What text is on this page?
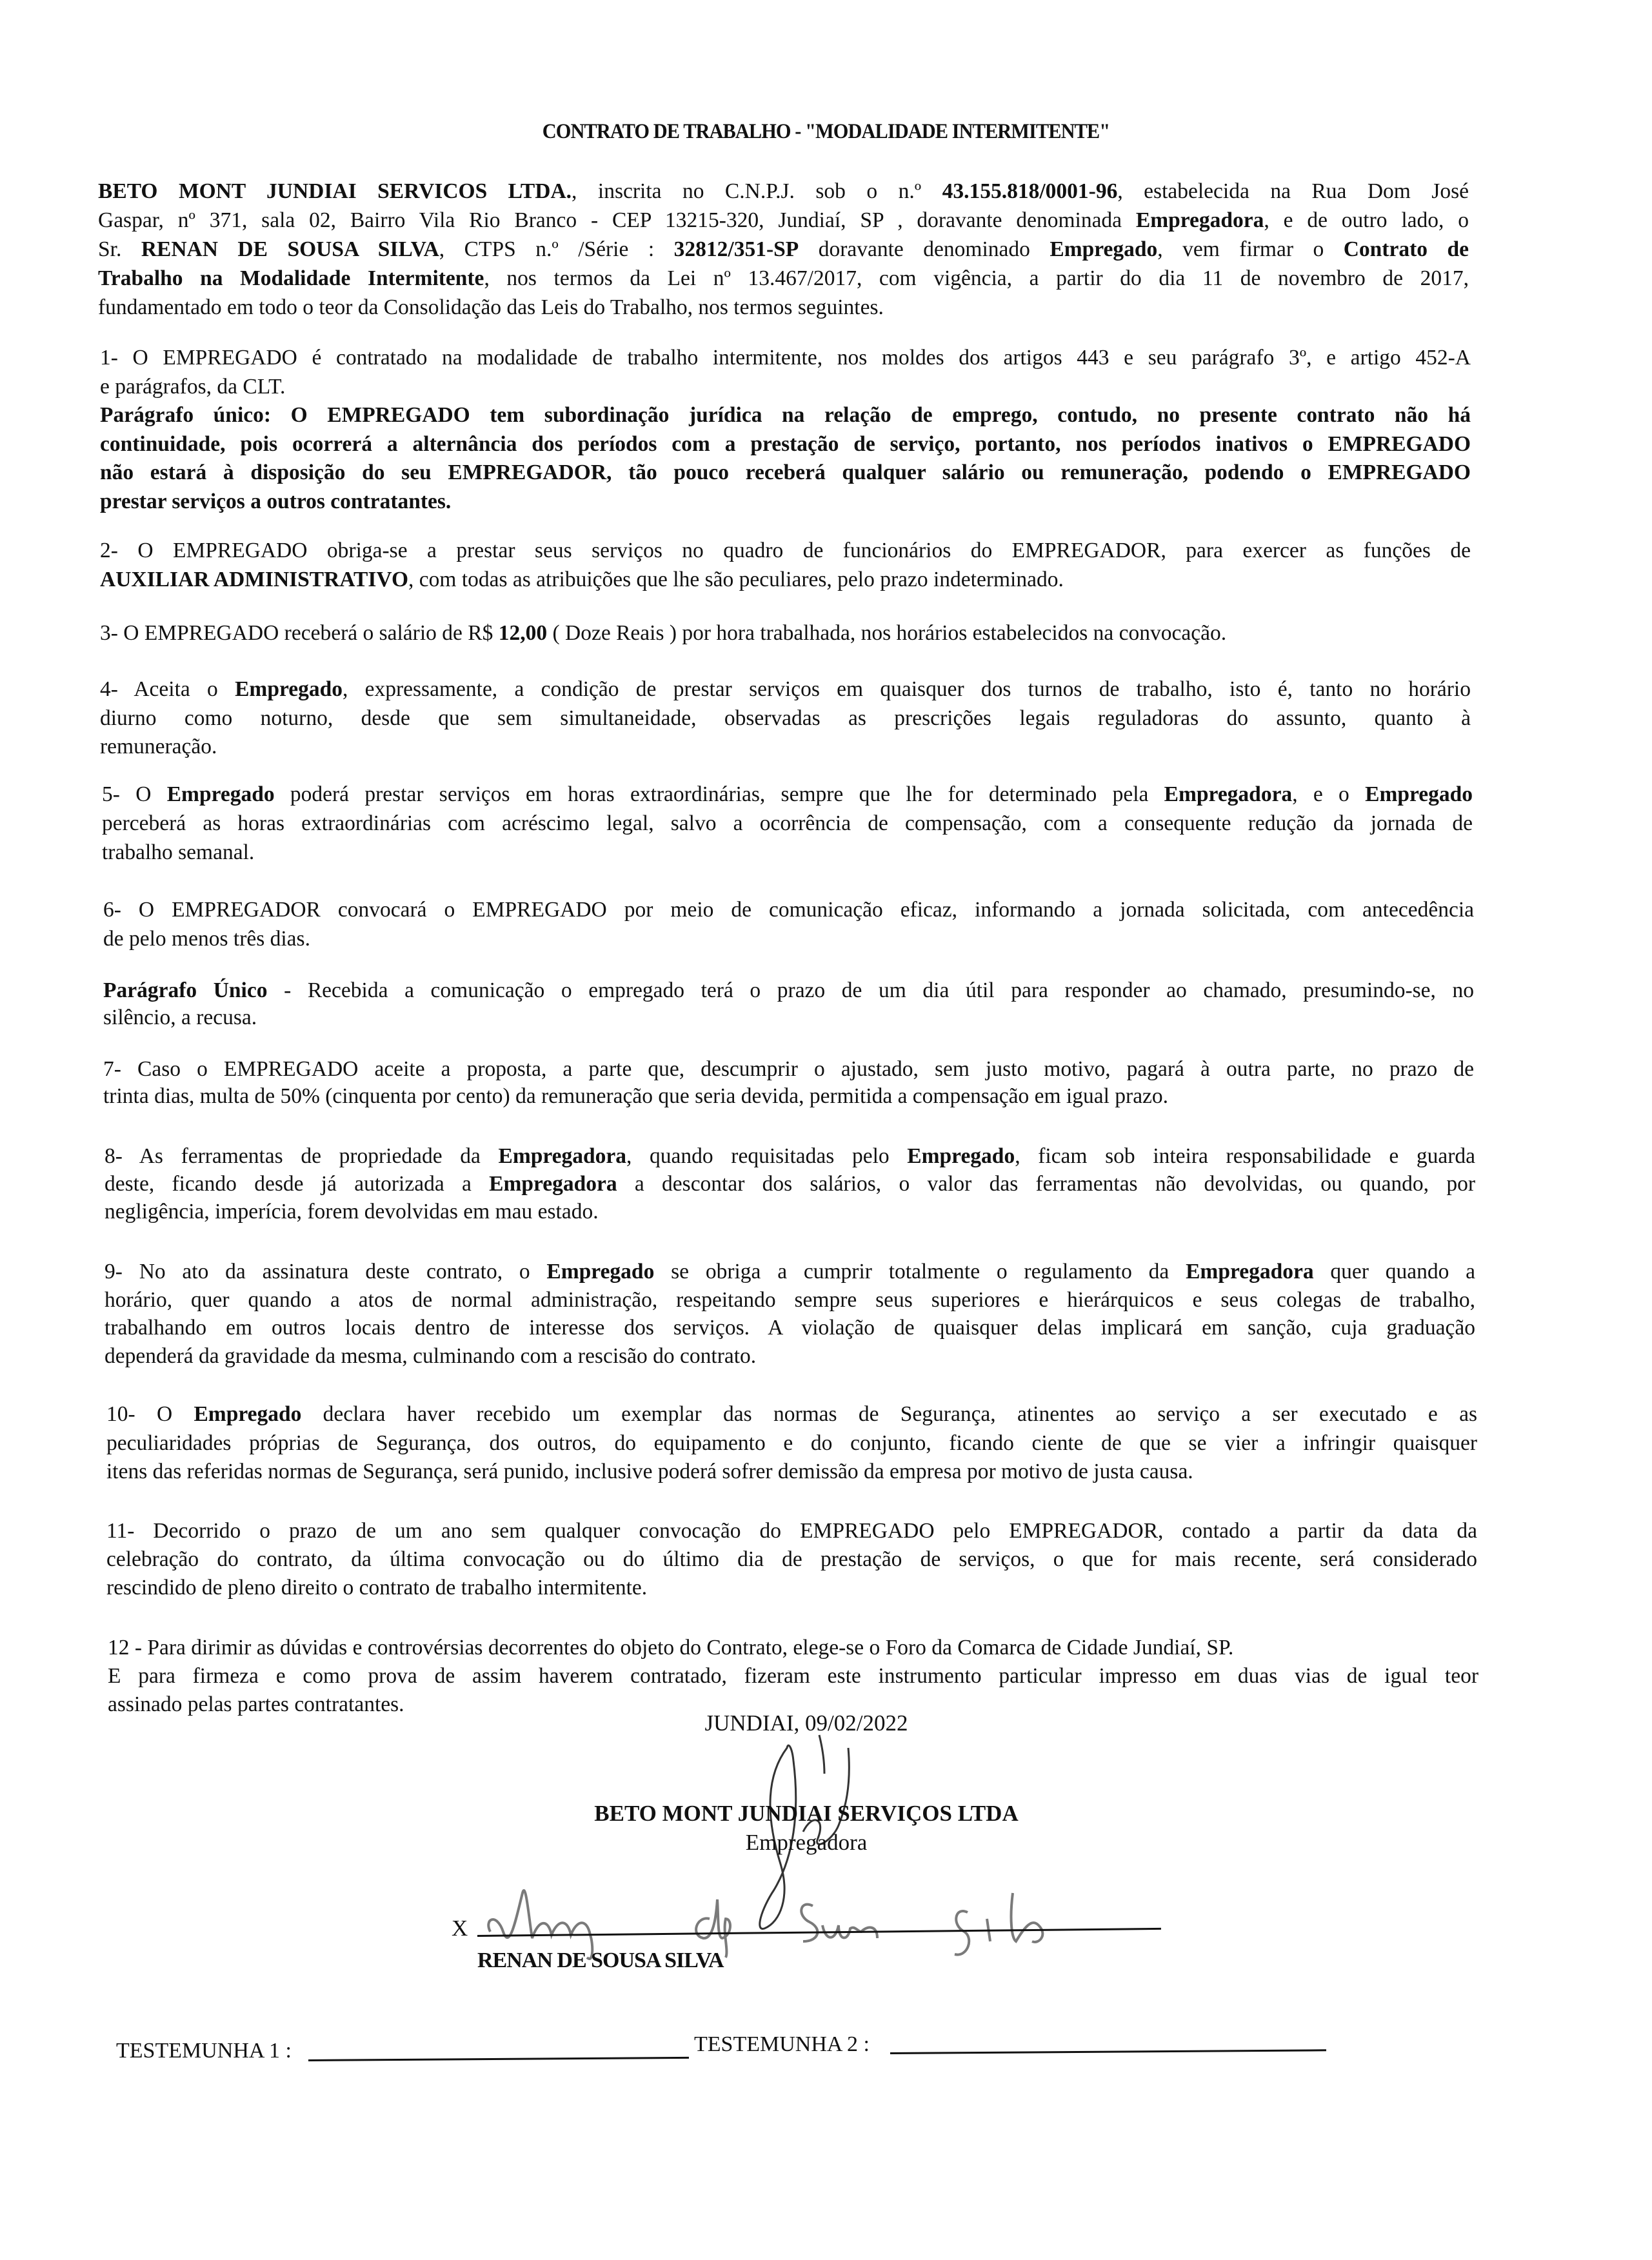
CONTRATO DE TRABALHO - "MODALIDADE INTERMITENTE"
BETO MONT JUNDIAI SERVICOS LTDA., inscrita no C.N.P.J. sob o n.º 43.155.818/0001-96, estabelecida na Rua Dom José
Gaspar, nº 371, sala 02, Bairro Vila Rio Branco - CEP 13215-320, Jundiaí, SP , doravante denominada Empregadora, e de outro lado, o
Sr. RENAN DE SOUSA SILVA, CTPS n.º /Série : 32812/351-SP doravante denominado Empregado, vem firmar o Contrato de
Trabalho na Modalidade Intermitente, nos termos da Lei nº 13.467/2017, com vigência, a partir do dia 11 de novembro de 2017,
fundamentado em todo o teor da Consolidação das Leis do Trabalho, nos termos seguintes.
1- O EMPREGADO é contratado na modalidade de trabalho intermitente, nos moldes dos artigos 443 e seu parágrafo 3º, e artigo 452-A
e parágrafos, da CLT.
Parágrafo único: O EMPREGADO tem subordinação jurídica na relação de emprego, contudo, no presente contrato não há
continuidade, pois ocorrerá a alternância dos períodos com a prestação de serviço, portanto, nos períodos inativos o EMPREGADO
não estará à disposição do seu EMPREGADOR, tão pouco receberá qualquer salário ou remuneração, podendo o EMPREGADO
prestar serviços a outros contratantes.
2- O EMPREGADO obriga-se a prestar seus serviços no quadro de funcionários do EMPREGADOR, para exercer as funções de
AUXILIAR ADMINISTRATIVO, com todas as atribuições que lhe são peculiares, pelo prazo indeterminado.
3- O EMPREGADO receberá o salário de R$ 12,00 ( Doze Reais ) por hora trabalhada, nos horários estabelecidos na convocação.
4- Aceita o Empregado, expressamente, a condição de prestar serviços em quaisquer dos turnos de trabalho, isto é, tanto no horário
diurno como noturno, desde que sem simultaneidade, observadas as prescrições legais reguladoras do assunto, quanto à
remuneração.
5- O Empregado poderá prestar serviços em horas extraordinárias, sempre que lhe for determinado pela Empregadora, e o Empregado
perceberá as horas extraordinárias com acréscimo legal, salvo a ocorrência de compensação, com a consequente redução da jornada de
trabalho semanal.
6- O EMPREGADOR convocará o EMPREGADO por meio de comunicação eficaz, informando a jornada solicitada, com antecedência
de pelo menos três dias.
Parágrafo Único - Recebida a comunicação o empregado terá o prazo de um dia útil para responder ao chamado, presumindo-se, no
silêncio, a recusa.
7- Caso o EMPREGADO aceite a proposta, a parte que, descumprir o ajustado, sem justo motivo, pagará à outra parte, no prazo de
trinta dias, multa de 50% (cinquenta por cento) da remuneração que seria devida, permitida a compensação em igual prazo.
8- As ferramentas de propriedade da Empregadora, quando requisitadas pelo Empregado, ficam sob inteira responsabilidade e guarda
deste, ficando desde já autorizada a Empregadora a descontar dos salários, o valor das ferramentas não devolvidas, ou quando, por
negligência, imperícia, forem devolvidas em mau estado.
9- No ato da assinatura deste contrato, o Empregado se obriga a cumprir totalmente o regulamento da Empregadora quer quando a
horário, quer quando a atos de normal administração, respeitando sempre seus superiores e hierárquicos e seus colegas de trabalho,
trabalhando em outros locais dentro de interesse dos serviços. A violação de quaisquer delas implicará em sanção, cuja graduação
dependerá da gravidade da mesma, culminando com a rescisão do contrato.
10- O Empregado declara haver recebido um exemplar das normas de Segurança, atinentes ao serviço a ser executado e as
peculiaridades próprias de Segurança, dos outros, do equipamento e do conjunto, ficando ciente de que se vier a infringir quaisquer
itens das referidas normas de Segurança, será punido, inclusive poderá sofrer demissão da empresa por motivo de justa causa.
11- Decorrido o prazo de um ano sem qualquer convocação do EMPREGADO pelo EMPREGADOR, contado a partir da data da
celebração do contrato, da última convocação ou do último dia de prestação de serviços, o que for mais recente, será considerado
rescindido de pleno direito o contrato de trabalho intermitente.
12 - Para dirimir as dúvidas e controvérsias decorrentes do objeto do Contrato, elege-se o Foro da Comarca de Cidade Jundiaí, SP.
E para firmeza e como prova de assim haverem contratado, fizeram este instrumento particular impresso em duas vias de igual teor
assinado pelas partes contratantes.
JUNDIAI, 09/02/2022
BETO MONT JUNDIAI SERVIÇOS LTDA
Empregadora
X
RENAN DE SOUSA SILVA
TESTEMUNHA 1 :	TESTEMUNHA 2 :
